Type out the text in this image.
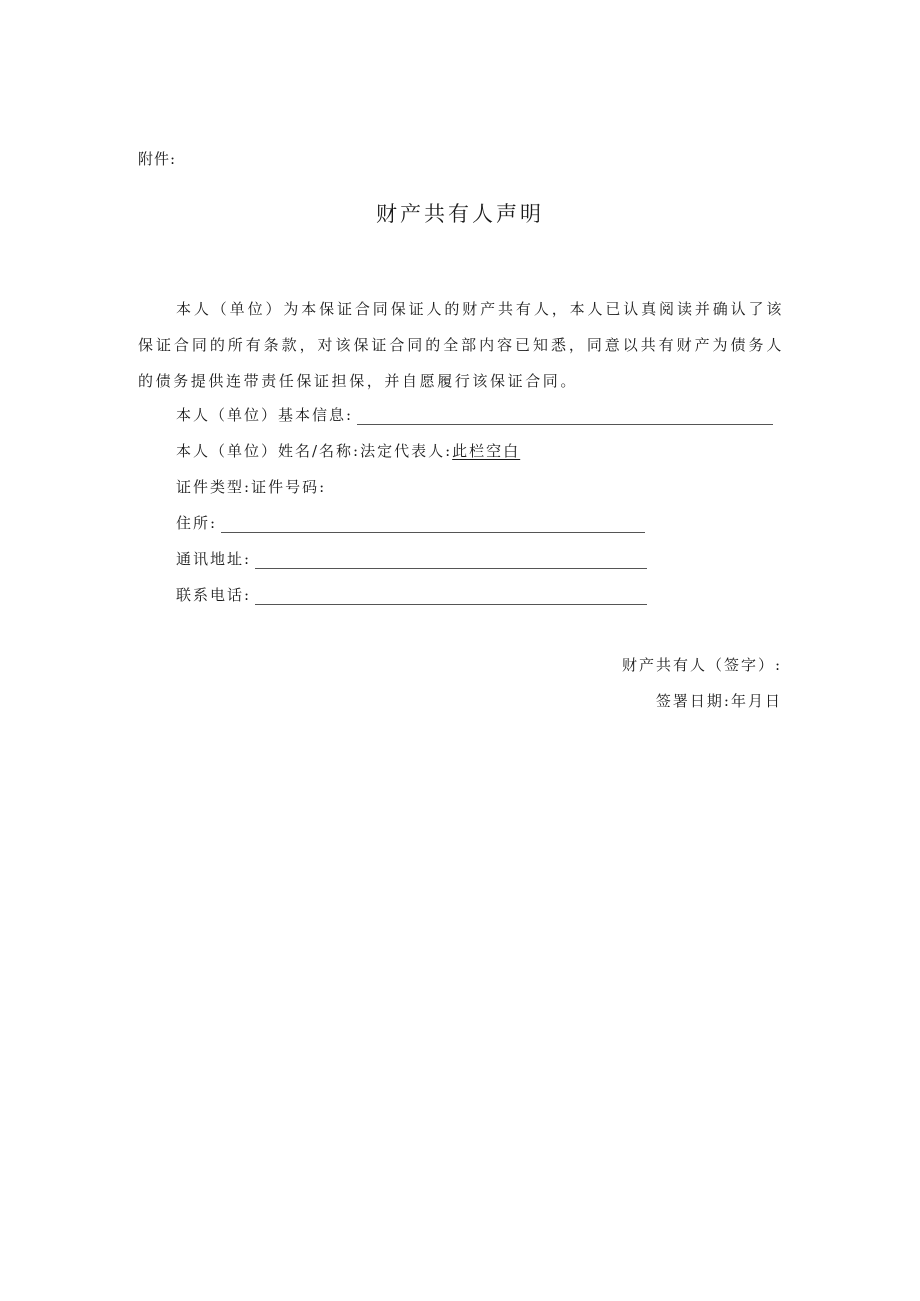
附件:
财产共有人声明
本人（单位）为本保证合同保证人的财产共有人，本人已认真阅读并确认了该保证合同的所有条款，对该保证合同的全部内容已知悉，同意以共有财产为债务人的债务提供连带责任保证担保，并自愿履行该保证合同。
本人（单位）基本信息:
本人（单位）姓名/名称: 法定代表人: 此栏空白
证件类型: 证件号码:
住所:
通讯地址:
联系电话:
财产共有人（签字）:
签署日期:年月日
